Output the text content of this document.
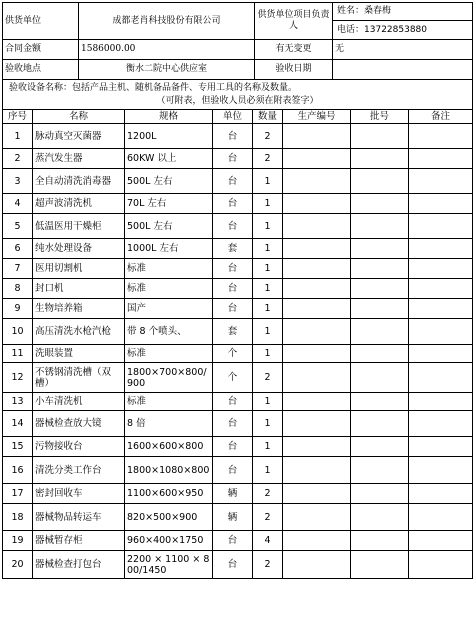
供货单位	成都老肖科技股份有限公司	供货单位项目负责人	姓名：桑春梅
电话：13722853880

合同金额	1586000.00	有无变更	无
验收地点	衡水二院中心供应室	验收日期	

验收设备名称：包括产品主机、随机备品备件、专用工具的名称及数量。
（可附表，但验收人员必须在附表签字）			
序号	名称	规格	单位	数量	生产编号	批号	备注
1	脉动真空灭菌器	1200L	台	2			
2	蒸汽发生器	60KW 以上	台	2			
3	全自动清洗消毒器	500L 左右	台	1			
4	超声波清洗机	70L 左右	台	1			
5	低温医用干燥柜	500L 左右	台	1			
6	纯水处理设备	1000L 左右	套	1			
7	医用切割机	标准	台	1			
8	封口机	标准	台	1			
9	生物培养箱	国产	台	1			
10	高压清洗水枪汽枪	带 8 个喷头、	套	1			
11	洗眼装置	标准	个	1			
12	不锈钢清洗槽（双槽）	1800×700×800/900	个	2			
13	小车清洗机	标准	台	1			
14	器械检查放大镜	8 倍	台	1			
15	污物接收台	1600×600×800	台	1			
16	清洗分类工作台	1800×1080×800	台	1			
17	密封回收车	1100×600×950	辆	2			
18	器械物品转运车	820×500×900	辆	2			
19	器械暂存柜	960×400×1750	台	4			
20	器械检查打包台	2200 × 1100 × 800/1450	台	2			
